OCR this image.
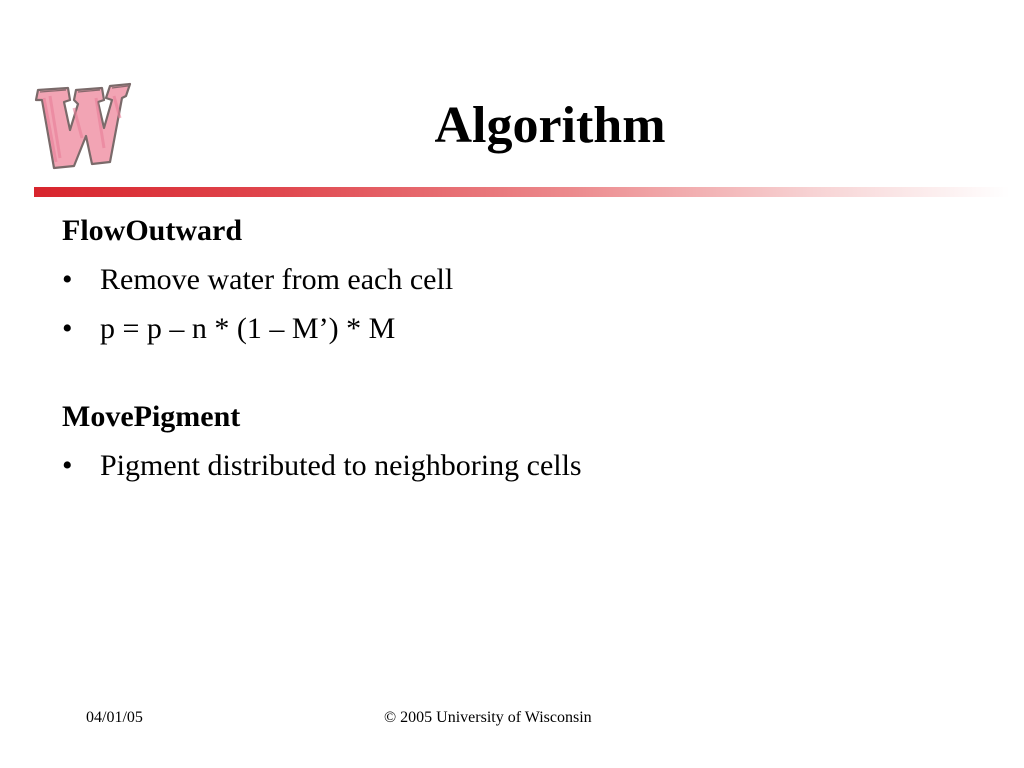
Algorithm
FlowOutward
• Remove water from each cell
• p = p – n * (1 – M’) * M
MovePigment
• Pigment distributed to neighboring cells
04/01/05	© 2005 University of Wisconsin
